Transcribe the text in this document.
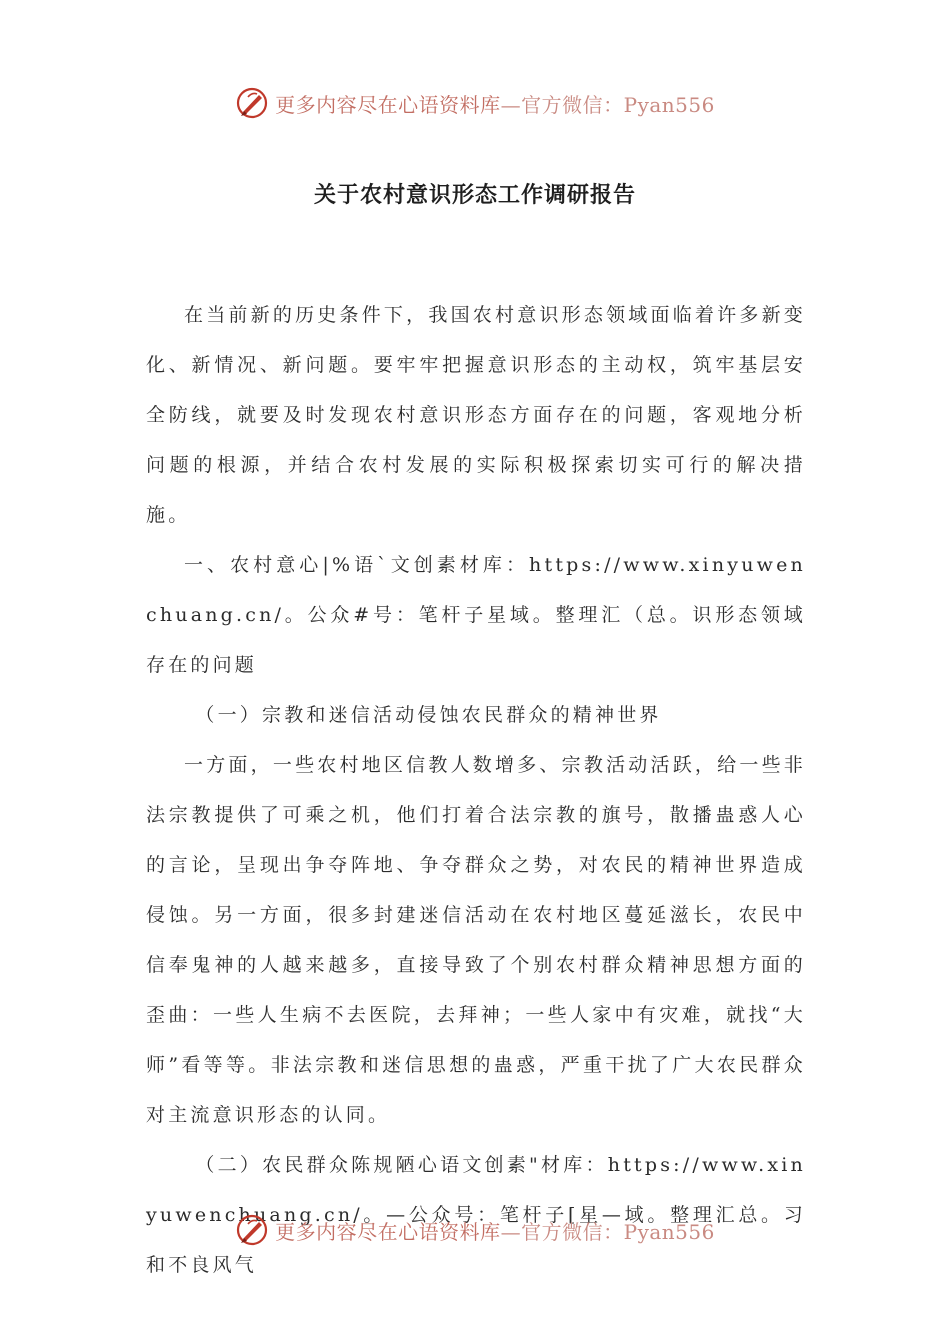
更多内容尽在心语资料库—官方微信：Pyan556
关于农村意识形态工作调研报告

在当前新的历史条件下，我国农村意识形态领域面临着许多新变化、新情况、新问题。要牢牢把握意识形态的主动权，筑牢基层安全防线，就要及时发现农村意识形态方面存在的问题，客观地分析问题的根源，并结合农村发展的实际积极探索切实可行的解决措施。

一、农村意心|%语`文创素材库：https://www.xinyuwenchuang.cn/。公众#号：笔杆子星域。整理汇（总。识形态领域存在的问题

（一）宗教和迷信活动侵蚀农民群众的精神世界

一方面，一些农村地区信教人数增多、宗教活动活跃，给一些非法宗教提供了可乘之机，他们打着合法宗教的旗号，散播蛊惑人心的言论，呈现出争夺阵地、争夺群众之势，对农民的精神世界造成侵蚀。另一方面，很多封建迷信活动在农村地区蔓延滋长，农民中信奉鬼神的人越来越多，直接导致了个别农村群众精神思想方面的歪曲：一些人生病不去医院，去拜神；一些人家中有灾难，就找“大师”看等等。非法宗教和迷信思想的蛊惑，严重干扰了广大农民群众对主流意识形态的认同。

（二）农民群众陈规陋心语文创素"材库：https://www.xinyuwenchuang.cn/。—公众号：笔杆子[星—域。整理汇总。习和不良风气

更多内容尽在心语资料库—官方微信：Pyan556
